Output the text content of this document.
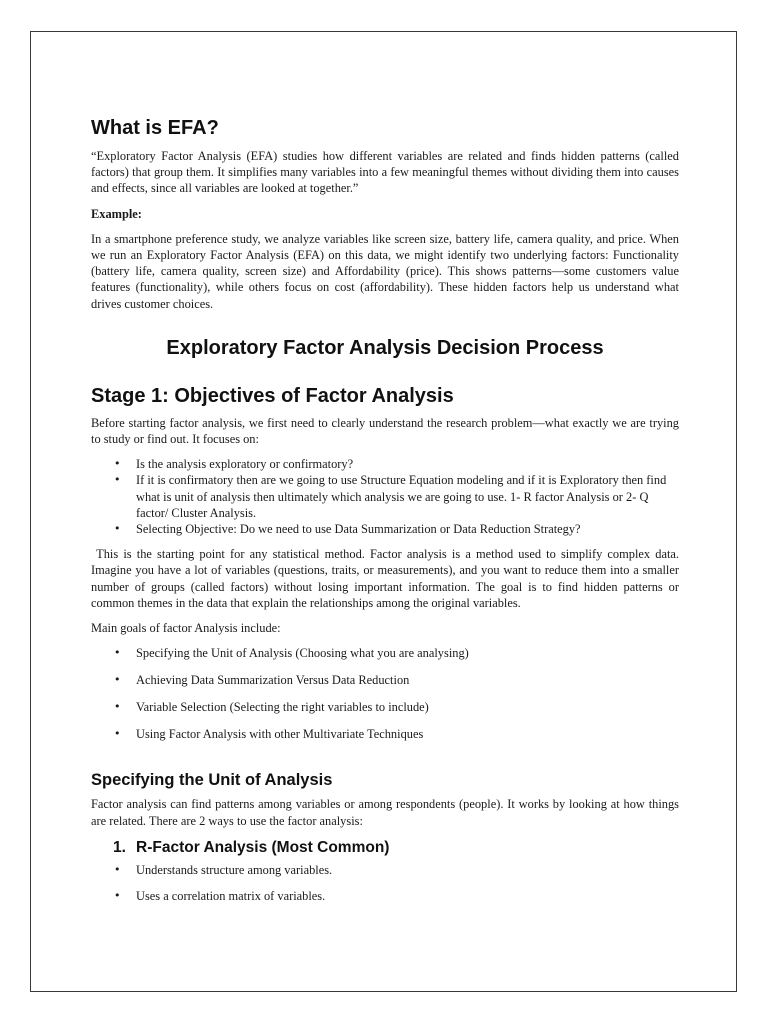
What is EFA?

“Exploratory Factor Analysis (EFA) studies how different variables are related and finds hidden patterns (called factors) that group them. It simplifies many variables into a few meaningful themes without dividing them into causes and effects, since all variables are looked at together.”

Example:

In a smartphone preference study, we analyze variables like screen size, battery life, camera quality, and price. When we run an Exploratory Factor Analysis (EFA) on this data, we might identify two underlying factors: Functionality (battery life, camera quality, screen size) and Affordability (price). This shows patterns—some customers value features (functionality), while others focus on cost (affordability). These hidden factors help us understand what drives customer choices.

Exploratory Factor Analysis Decision Process
Stage 1: Objectives of Factor Analysis

Before starting factor analysis, we first need to clearly understand the research problem—what exactly we are trying to study or find out. It focuses on:

• Is the analysis exploratory or confirmatory?
• If it is confirmatory then are we going to use Structure Equation modeling and if it is Exploratory then find what is unit of analysis then ultimately which analysis we are going to use. 1- R factor Analysis or 2- Q factor/ Cluster Analysis.
• Selecting Objective: Do we need to use Data Summarization or Data Reduction Strategy?

This is the starting point for any statistical method. Factor analysis is a method used to simplify complex data. Imagine you have a lot of variables (questions, traits, or measurements), and you want to reduce them into a smaller number of groups (called factors) without losing important information. The goal is to find hidden patterns or common themes in the data that explain the relationships among the original variables.

Main goals of factor Analysis include:

• Specifying the Unit of Analysis (Choosing what you are analysing)
• Achieving Data Summarization Versus Data Reduction
• Variable Selection (Selecting the right variables to include)
• Using Factor Analysis with other Multivariate Techniques
Specifying the Unit of Analysis

Factor analysis can find patterns among variables or among respondents (people). It works by looking at how things are related. There are 2 ways to use the factor analysis:

1. R-Factor Analysis (Most Common)
• Understands structure among variables.
• Uses a correlation matrix of variables.
